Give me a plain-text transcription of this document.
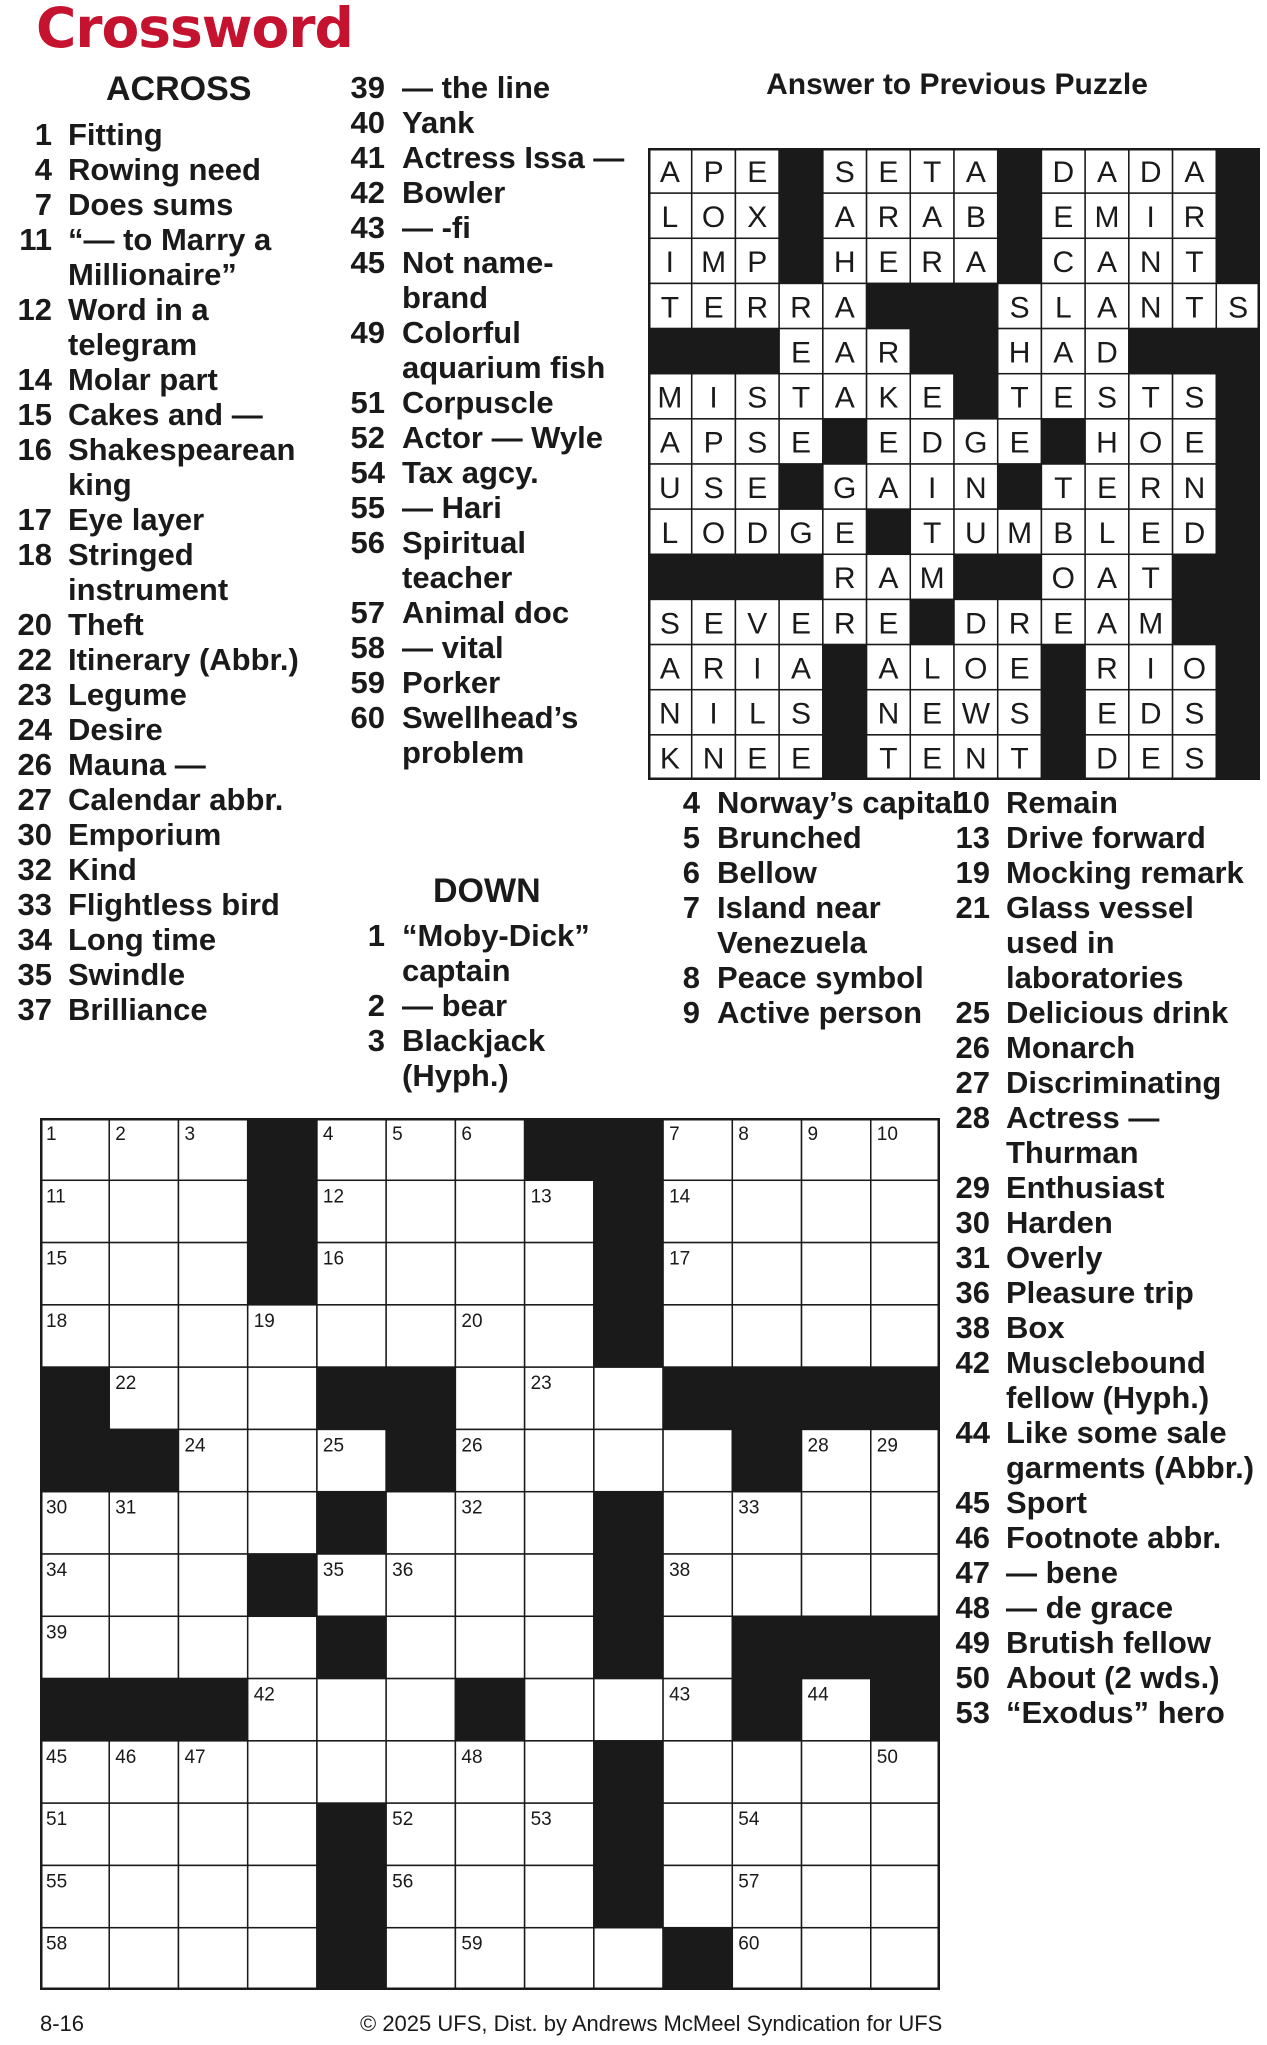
Crossword
ACROSS
1 Fitting
4 Rowing need
7 Does sums
11 “— to Marry a Millionaire”
12 Word in a telegram
14 Molar part
15 Cakes and —
16 Shakespearean king
17 Eye layer
18 Stringed instrument
20 Theft
22 Itinerary (Abbr.)
23 Legume
24 Desire
26 Mauna —
27 Calendar abbr.
30 Emporium
32 Kind
33 Flightless bird
34 Long time
35 Swindle
37 Brilliance
39 — the line
40 Yank
41 Actress Issa —
42 Bowler
43 — -fi
45 Not name-brand
49 Colorful aquarium fish
51 Corpuscle
52 Actor — Wyle
54 Tax agcy.
55 — Hari
56 Spiritual teacher
57 Animal doc
58 — vital
59 Porker
60 Swellhead’s problem
DOWN
1 “Moby-Dick” captain
2 — bear
3 Blackjack (Hyph.)
Answer to Previous Puzzle
A P E S E T A D A D A
L O X A R A B E M I R
I M P H E R A C A N T
T E R R A	S L A N T S
E A R	H A D
M I S T A K E T E S T S
A P S E E D G E H O E
U S E G A I N T E R N
L O D G E T U M B L E D
R A M	O A T
S E V E R E D R E A M
A R I A A L O E R I O
N I L S N E W S E D S
K N E E T E N T D E S
4 Norway’s capital
5 Brunched
6 Bellow
7 Island near Venezuela
8 Peace symbol
9 Active person
10 Remain
13 Drive forward
19 Mocking remark
21 Glass vessel used in laboratories
25 Delicious drink
26 Monarch
27 Discriminating
28 Actress — Thurman
29 Enthusiast
30 Harden
31 Overly
36 Pleasure trip
38 Box
42 Musclebound fellow (Hyph.)
44 Like some sale garments (Abbr.)
45 Sport
46 Footnote abbr.
47 — bene
48 — de grace
49 Brutish fellow
50 About (2 wds.)
53 “Exodus” hero
1	2	3	4	5	6	7	8	9	10
11	12	13	14
15	16	17
18	19	20	21
22	23
24	25	26	27	28	29
30	31	32	33
34	35	36	37	38
39	40	41
42	43	44
45	46	47	48	49	50
51	52	53	54
55	56	57
58	59	60
8-16	© 2025 UFS, Dist. by Andrews McMeel Syndication for UFS
